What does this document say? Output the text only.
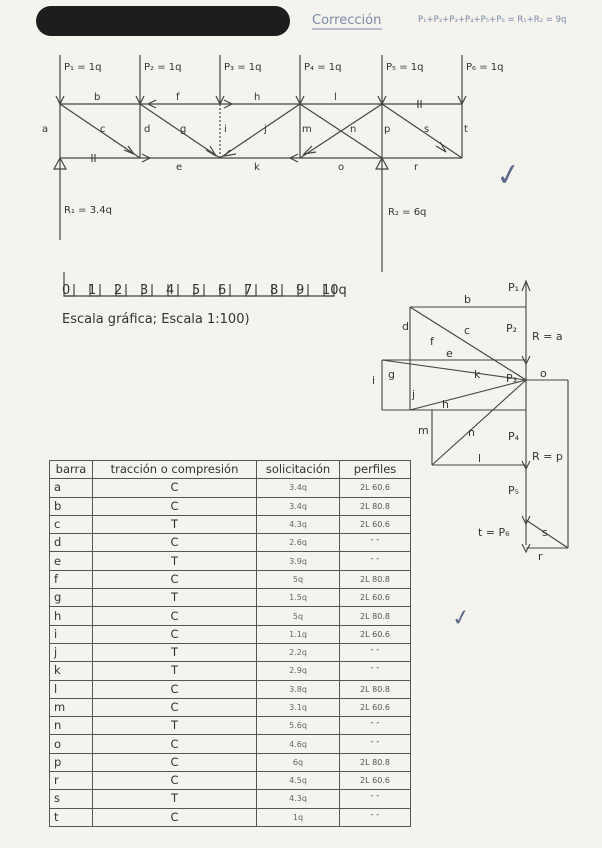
Corrección	P₁+P₂+P₃+P₄+P₅+P₆ = R₁+R₂ = 9q
P₁ = 1q	P₂ = 1q	P₃ = 1q	P₄ = 1q	P₅ = 1q	P₆ = 1q
R₁ = 3.4q	R₂ = 6q
a
b
c	d
e
f
g
h
i	j
k
l
m	n
o
p
r
s	t
0 1 2 3 4 5 6 7 8 9 10q
b
P₁
d	c	P₂
R = a
f
e
g	k P₃ o
i
j
h
m	n	P₄
l	R = p
P₅
t = P₆	s
r
Escala gráfica; Escala 1:100)
✓
✓
barra	tracción o compresión	solicitación	perfiles
a	C	3.4q	2L 60.6
b	C	3.4q	2L 80.8
c	T	4.3q	2L 60.6
d	C	2.6q	″ ″
e	T	3.9q	″ ″
f	C	5q	2L 80.8
g	T	1.5q	2L 60.6
h	C	5q	2L 80.8
i	C	1.1q	2L 60.6
j	T	2.2q	″ ″
k	T	2.9q	″ ″
l	C	3.8q	2L 80.8
m	C	3.1q	2L 60.6
n	T	5.6q	″ ″
o	C	4.6q	″ ″
p	C	6q	2L 80.8
r	C	4.5q	2L 60.6
s	T	4.3q	″ ″
t	C	1q	″ ″
